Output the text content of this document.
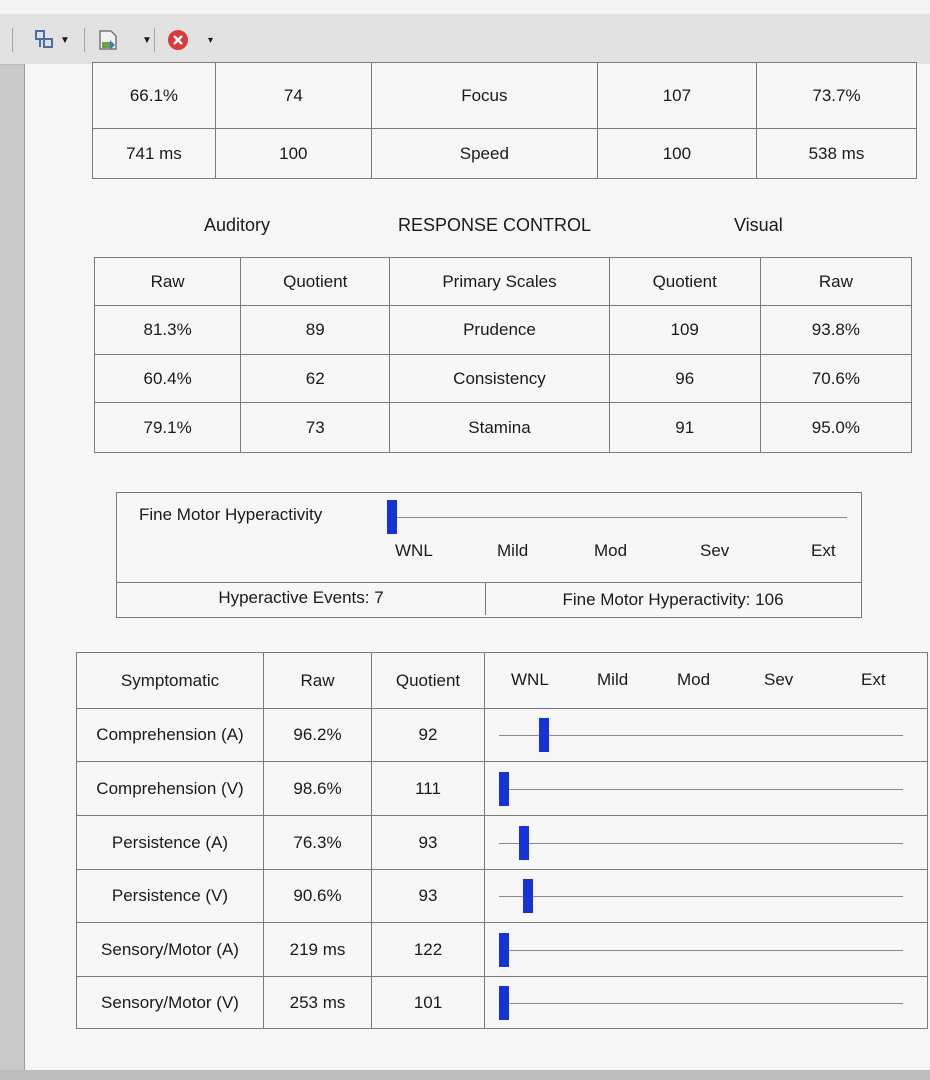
▼	▼	▾
66.1%	74	Focus	107	73.7%
741 ms	100	Speed	100	538 ms
Auditory	RESPONSE CONTROL	Visual
Raw	Quotient	Primary Scales	Quotient	Raw
81.3%	89	Prudence	109	93.8%
60.4%	62	Consistency	96	70.6%
79.1%	73	Stamina	91	95.0%
Fine Motor Hyperactivity
WNL	Mild	Mod	Sev	Ext
Hyperactive Events: 7	Fine Motor Hyperactivity: 106
Symptomatic	Raw	Quotient	WNL Mild Mod Sev Ext

Comprehension (A)	96.2%	92	

Comprehension (V)	98.6%	111	

Persistence (A)	76.3%	93	

Persistence (V)	90.6%	93	

Sensory/Motor (A)	219 ms	122	

Sensory/Motor (V)	253 ms	101	
